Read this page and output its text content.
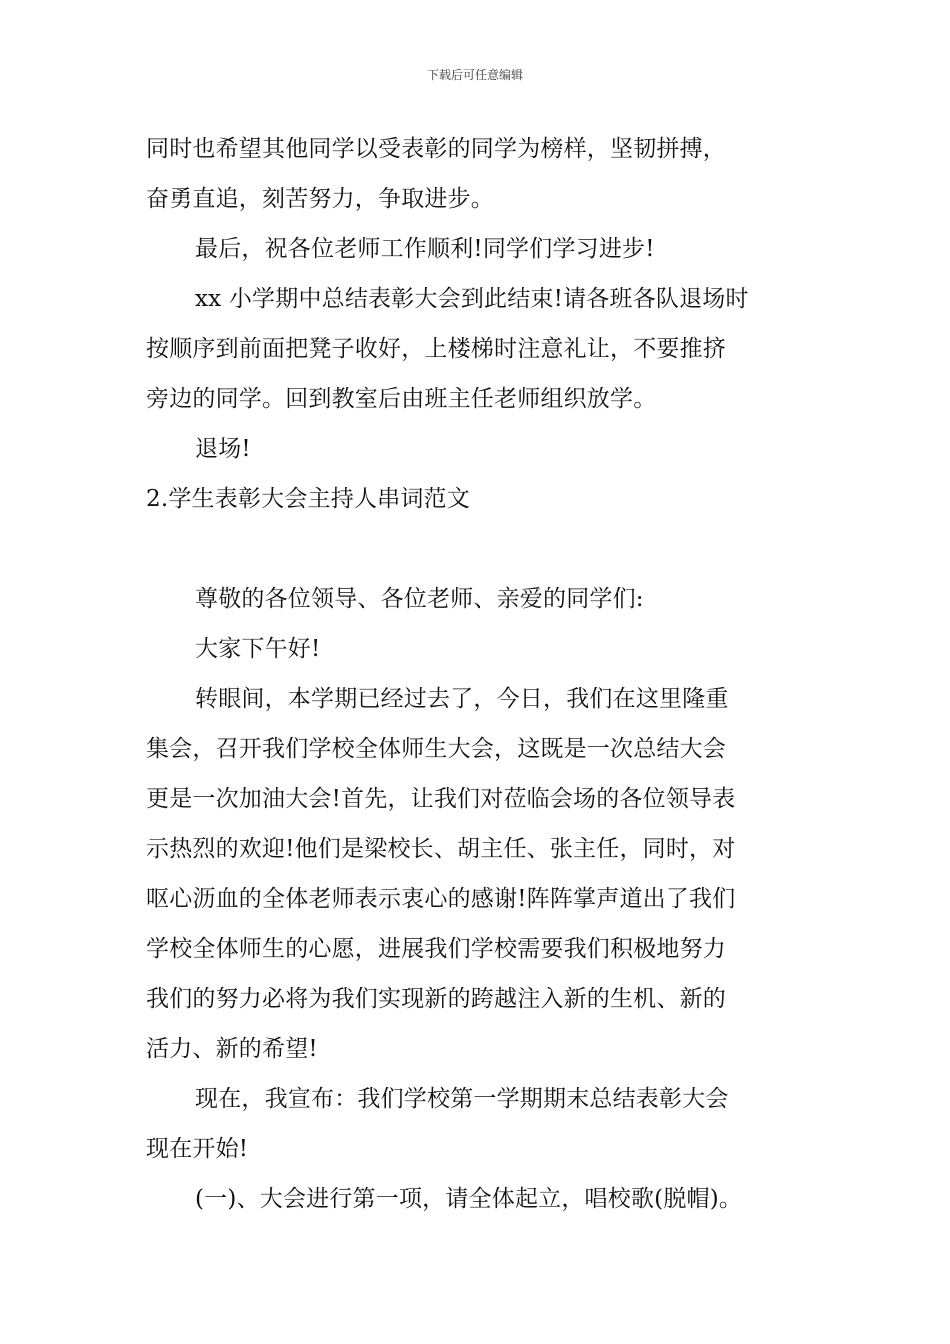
下载后可任意编辑
同时也希望其他同学以受表彰的同学为榜样，坚韧拼搏，
奋勇直追，刻苦努力，争取进步。
最后，祝各位老师工作顺利!同学们学习进步!
xx 小学期中总结表彰大会到此结束!请各班各队退场时
按顺序到前面把凳子收好，上楼梯时注意礼让，不要推挤
旁边的同学。回到教室后由班主任老师组织放学。
退场!
2.学生表彰大会主持人串词范文
尊敬的各位领导、各位老师、亲爱的同学们:
大家下午好!
转眼间，本学期已经过去了，今日，我们在这里隆重
集会，召开我们学校全体师生大会，这既是一次总结大会
更是一次加油大会!首先，让我们对莅临会场的各位领导表
示热烈的欢迎!他们是梁校长、胡主任、张主任，同时，对
呕心沥血的全体老师表示衷心的感谢!阵阵掌声道出了我们
学校全体师生的心愿，进展我们学校需要我们积极地努力
我们的努力必将为我们实现新的跨越注入新的生机、新的
活力、新的希望!
现在，我宣布：我们学校第一学期期末总结表彰大会
现在开始!
(一)、大会进行第一项，请全体起立，唱校歌(脱帽)。
